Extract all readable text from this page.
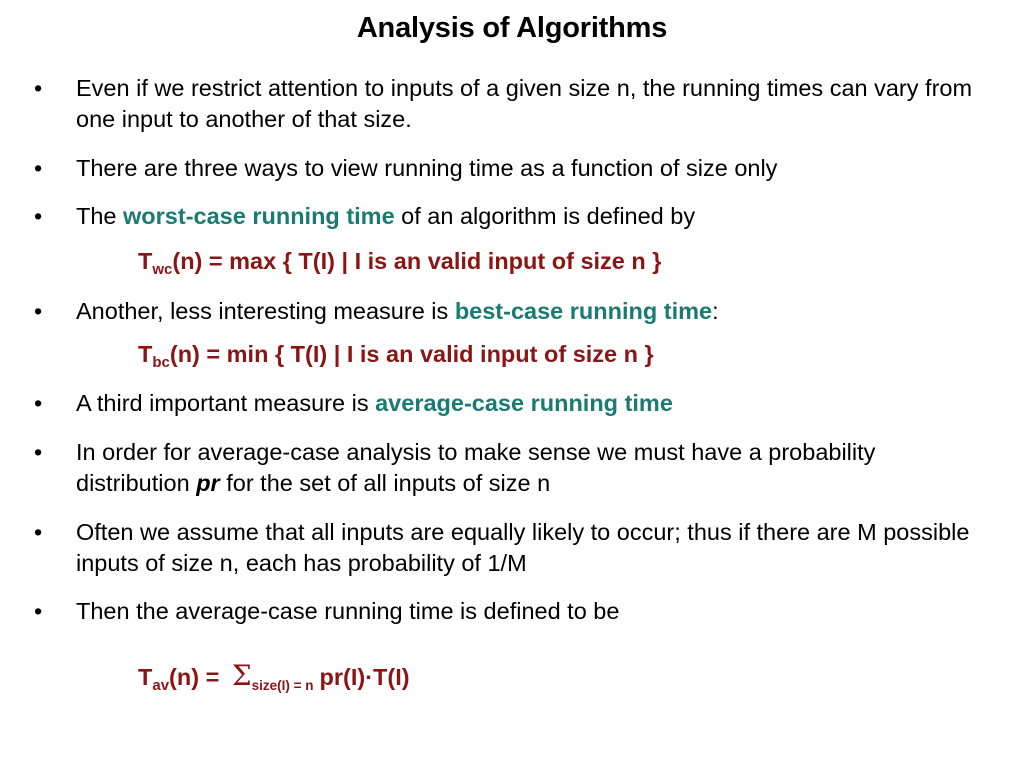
Analysis of Algorithms
•	Even if we restrict attention to inputs of a given size n, the running times can vary from one input to another of that size.
•	There are three ways to view running time as a function of size only
•	The worst-case running time of an algorithm is defined by
$T_{wc}(n) = \max$ { T(I) | I is an valid input of size n }
•	Another, less interesting measure is best-case running time:
$T_{bc}(n) = \min$ { T(I) | I is an valid input of size n }
•	A third important measure is average-case running time
•	In order for average-case analysis to make sense we must have a probability distribution pr for the set of all inputs of size n
•	Often we assume that all inputs are equally likely to occur; thus if there are M possible inputs of size n, each has probability of 1/M
•	Then the average-case running time is defined to be
$T_{av}(n) = \Sigma_{size(I) = n}$ pr(I)·T(I)
